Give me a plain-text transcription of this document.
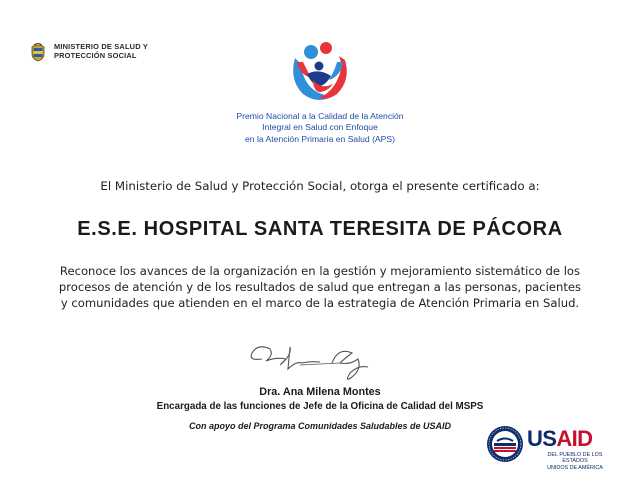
MINISTERIO DE SALUD Y
PROTECCIÓN SOCIAL
Premio Nacional a la Calidad de la Atención
Integral en Salud con Enfoque
en la Atención Primaria en Salud (APS)
El Ministerio de Salud y Protección Social, otorga el presente certificado a:
E.S.E. HOSPITAL SANTA TERESITA DE PÁCORA
Reconoce los avances de la organización en la gestión y mejoramiento sistemático de los
procesos de atención y de los resultados de salud que entregan a las personas, pacientes
y comunidades que atienden en el marco de la estrategia de Atención Primaria en Salud.
Dra. Ana Milena Montes
Encargada de las funciones de Jefe de la Oficina de Calidad del MSPS
Con apoyo del Programa Comunidades Saludables de USAID	USAID
DEL PUEBLO DE LOS ESTADOS
UNIDOS DE AMÉRICA
